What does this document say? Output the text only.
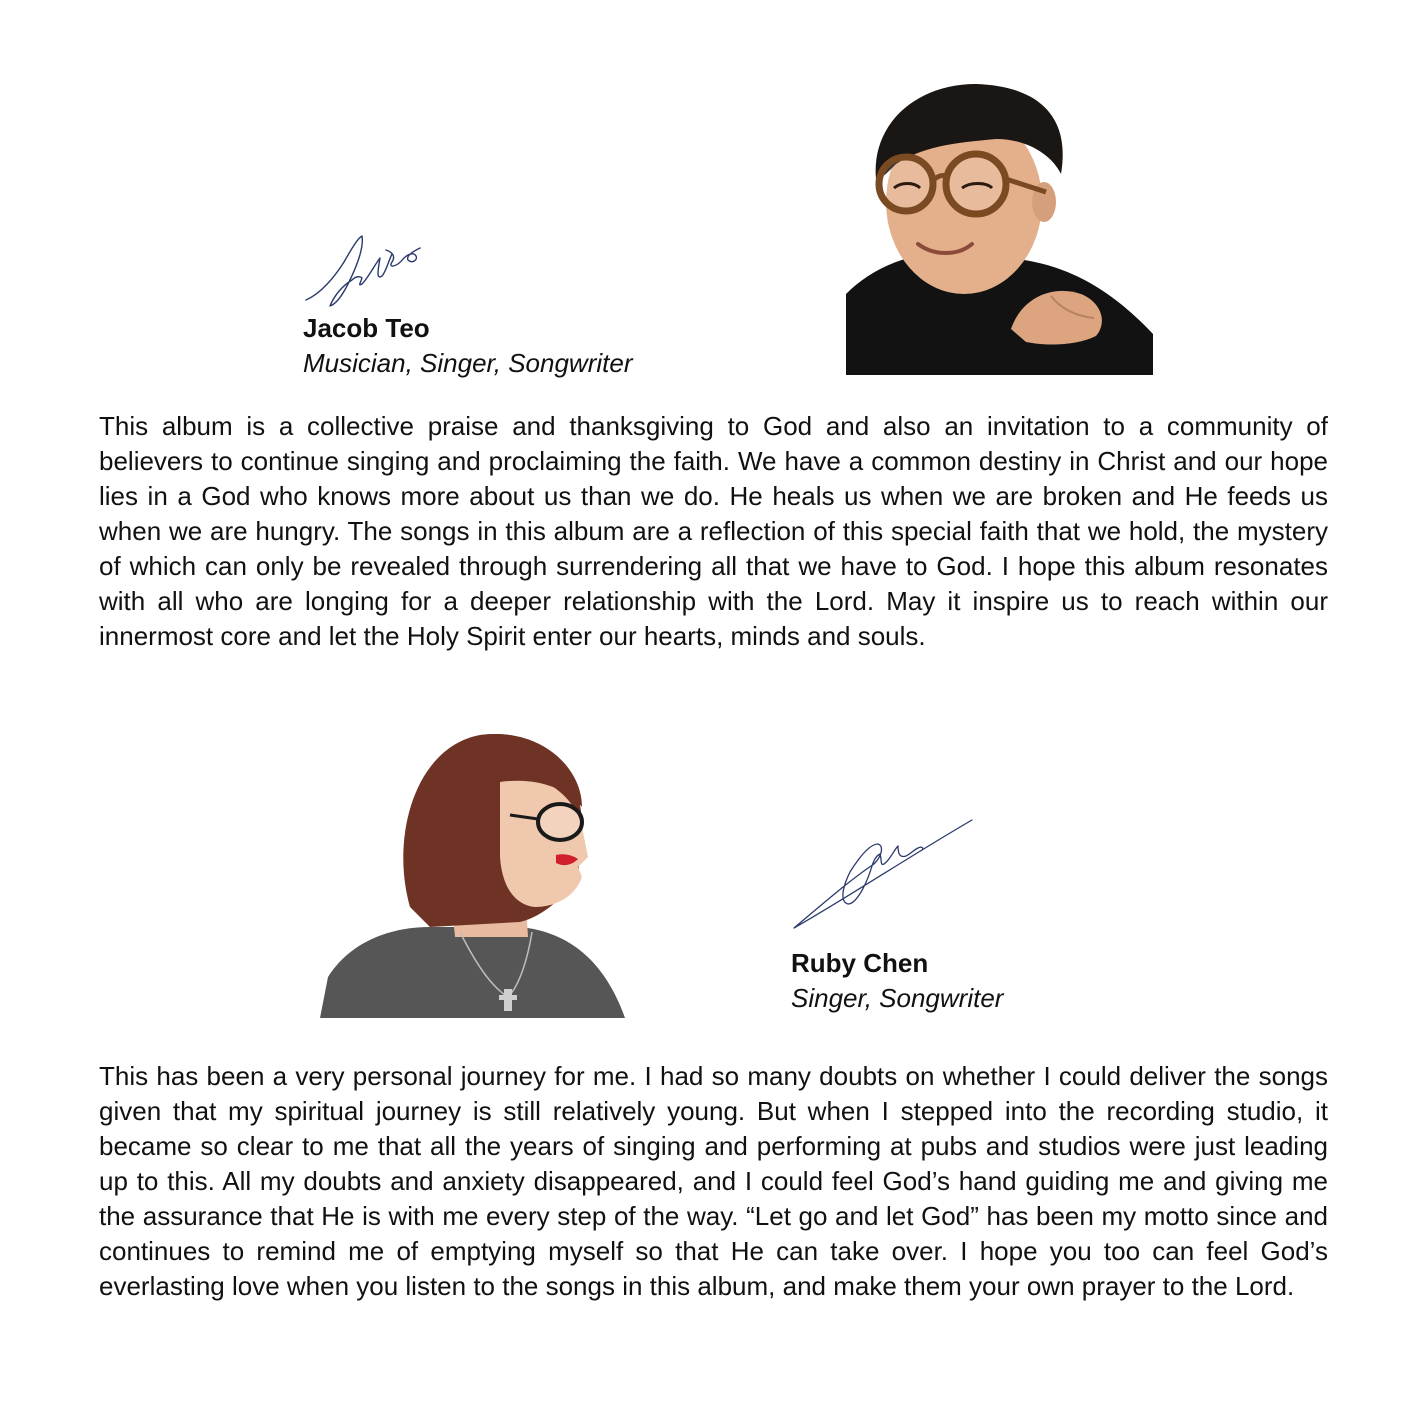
Jacob Teo
Musician, Singer, Songwriter

This album is a collective praise and thanksgiving to God and also an invitation to a community of believers to continue singing and proclaiming the faith. We have a common destiny in Christ and our hope lies in a God who knows more about us than we do. He heals us when we are broken and He feeds us when we are hungry. The songs in this album are a reflection of this special faith that we hold, the mystery of which can only be revealed through surrendering all that we have to God. I hope this album resonates with all who are longing for a deeper relationship with the Lord. May it inspire us to reach within our innermost core and let the Holy Spirit enter our hearts, minds and souls.

Ruby Chen
Singer, Songwriter

This has been a very personal journey for me. I had so many doubts on whether I could deliver the songs given that my spiritual journey is still relatively young. But when I stepped into the recording studio, it became so clear to me that all the years of singing and performing at pubs and studios were just leading up to this. All my doubts and anxiety disappeared, and I could feel God’s hand guiding me and giving me the assurance that He is with me every step of the way. “Let go and let God” has been my motto since and continues to remind me of emptying myself so that He can take over. I hope you too can feel God’s everlasting love when you listen to the songs in this album, and make them your own prayer to the Lord.
